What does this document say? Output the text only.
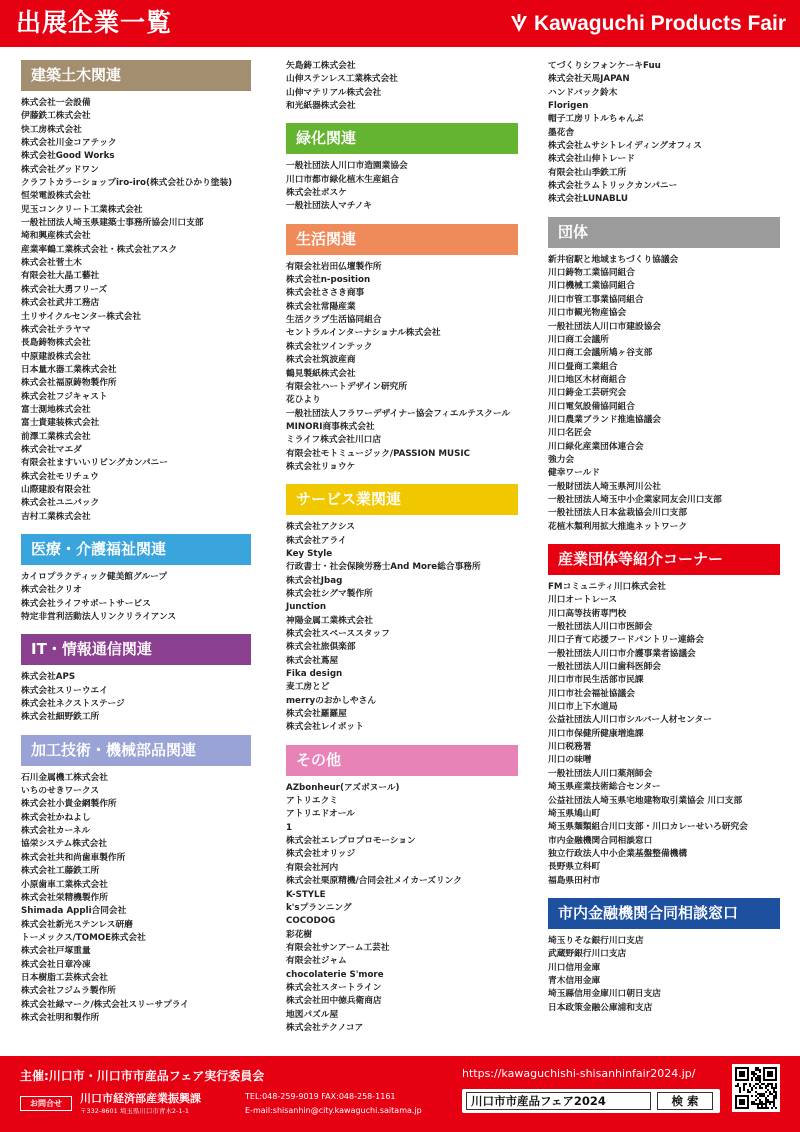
出展企業一覧	Kawaguchi Products Fair
建築土木関連
株式会社一会設備
伊藤鉄工株式会社
快工房株式会社
株式会社川金コアテック
株式会社Good Works
株式会社グッドワン
クラフトカラーショップiro-iro(株式会社ひかり塗装)
恒栄電設株式会社
児玉コンクリート工業株式会社
一般社団法人埼玉県建築士事務所協会川口支部
埼和興産株式会社
産業率鶴工業株式会社・株式会社アスク
株式会社菅土木
有限会社大晶工藝社
株式会社大勇フリーズ
株式会社武井工務店
土リサイクルセンター株式会社
株式会社テラヤマ
長島鋳物株式会社
中原建設株式会社
日本量水器工業株式会社
株式会社福原鋳物製作所
株式会社フジキャスト
富士測地株式会社
富士貴建装株式会社
前澤工業株式会社
株式会社マエダ
有限会社ますいいリビングカンパニー
株式会社モリチュウ
山際建設有限会社
株式会社ユニパック
吉村工業株式会社
医療・介護福祉関連
カイロプラクティック健美館グループ
株式会社クリオ
株式会社ライフサポートサービス
特定非営利活動法人リンクリライアンス
IT・情報通信関連
株式会社APS
株式会社スリーウエイ
株式会社ネクストステージ
株式会社細野鉄工所
加工技術・機械部品関連
石川金属機工株式会社
いちのせきワークス
株式会社小貴金網製作所
株式会社かねよし
株式会社カーネル
協栄システム株式会社
株式会社共和尚歯車製作所
株式会社工藤鉄工所
小原歯車工業株式会社
株式会社栄精機製作所
Shimada Appli合同会社
株式会社新光ステンレス研磨
トーメックス/TOMOE株式会社
株式会社戸塚重量
株式会社日章冷凍
日本樹脂工芸株式会社
株式会社フジムラ製作所
株式会社緑マーク/株式会社スリーサプライ
株式会社明和製作所
矢島鋳工株式会社
山伸ステンレス工業株式会社
山伸マテリアル株式会社
和光紙器株式会社
緑化関連
一般社団法人川口市造園業協会
川口市都市緑化植木生産組合
株式会社ボスケ
一般社団法人マチノキ
生活関連
有限会社岩田仏壇製作所
株式会社n-position
株式会社ささき商事
株式会社常陽産業
生活クラブ生活協同組合
セントラルインターナショナル株式会社
株式会社ツインテック
株式会社筑波産商
鶴見製紙株式会社
有限会社ハートデザイン研究所
花ひより
一般社団法人フラワーデザイナー協会フィエルテスクール
MINORI商事株式会社
ミライフ株式会社川口店
有限会社モトミュージック/PASSION MUSIC
株式会社リョウケ
サービス業関連
株式会社アクシス
株式会社アライ
Key Style
行政書士・社会保険労務士And More総合事務所
株式会社Jbag
株式会社シグマ製作所
Junction
神陽金属工業株式会社
株式会社スペーススタッフ
株式会社旅倶楽部
株式会社蔦屋
Fika design
麦工房とど
merryのおかしやさん
株式会社羅羅屋
株式会社レイポット
その他
AZbonheur(アズボヌール)
アトリエクミ
アトリエドオール
1
株式会社エレプロプロモーション
株式会社オリッジ
有限会社河内
株式会社栗原精機/合同会社メイカーズリンク
K-STYLE
k'sプランニング
COCODOG
彩花樹
有限会社サンアーム工芸社
有限会社ジャム
chocolaterie S'more
株式会社スタートライン
株式会社田中徳兵衛商店
地図パズル屋
株式会社テクノコア
てづくりシフォンケーキFuu
株式会社天馬JAPAN
ハンドバック鈴木
Florigen
帽子工房リトルちゃんぷ
墨花舎
株式会社ムサシトレイディングオフィス
株式会社山伸トレード
有限会社山季鉄工所
株式会社ラムトリックカンパニー
株式会社LUNABLU
団体
新井宿駅と地域まちづくり協議会
川口鋳物工業協同組合
川口機械工業協同組合
川口市管工事業協同組合
川口市観光物産協会
一般社団法人川口市建設協会
川口商工会議所
川口商工会議所鳩ヶ谷支部
川口畳商工業組合
川口地区木材商組合
川口鋳金工芸研究会
川口電気設備協同組合
川口農業ブランド推進協議会
川口名匠会
川口緑化産業団体連合会
強力会
健幸ワールド
一般財団法人埼玉県河川公社
一般社団法人埼玉中小企業家同友会川口支部
一般社団法人日本盆栽協会川口支部
花植木類利用拡大推進ネットワーク
産業団体等紹介コーナー
FMコミュニティ川口株式会社
川口オートレース
川口高等技術専門校
一般社団法人川口市医師会
川口子育て応援フードパントリー連絡会
一般社団法人川口市介護事業者協議会
一般社団法人川口歯科医師会
川口市市民生活部市民課
川口市社会福祉協議会
川口市上下水道局
公益社団法人川口市シルバー人材センター
川口市保健所健康増進課
川口税務署
川口の味噌
一般社団法人川口薬剤師会
埼玉県産業技術総合センター
公益社団法人埼玉県宅地建物取引業協会 川口支部
埼玉県鳩山町
埼玉県麺類組合川口支部・川口カレーせいろ研究会
市内金融機関合同相談窓口
独立行政法人中小企業基盤整備機構
長野県立科町
福島県田村市
市内金融機関合同相談窓口
埼玉りそな銀行川口支店
武蔵野銀行川口支店
川口信用金庫
青木信用金庫
埼玉縣信用金庫川口朝日支店
日本政策金融公庫浦和支店
主催:川口市・川口市市産品フェア実行委員会
お問合せ	川口市経済部産業振興課
〒332-8601 埼玉県川口市青木2-1-1
TEL:048-259-9019 FAX:048-258-1161
E-mail:shisanhin@city.kawaguchi.saitama.jp
https://kawaguchishi-shisanhinfair2024.jp/
川口市市産品フェア2024	検 索
